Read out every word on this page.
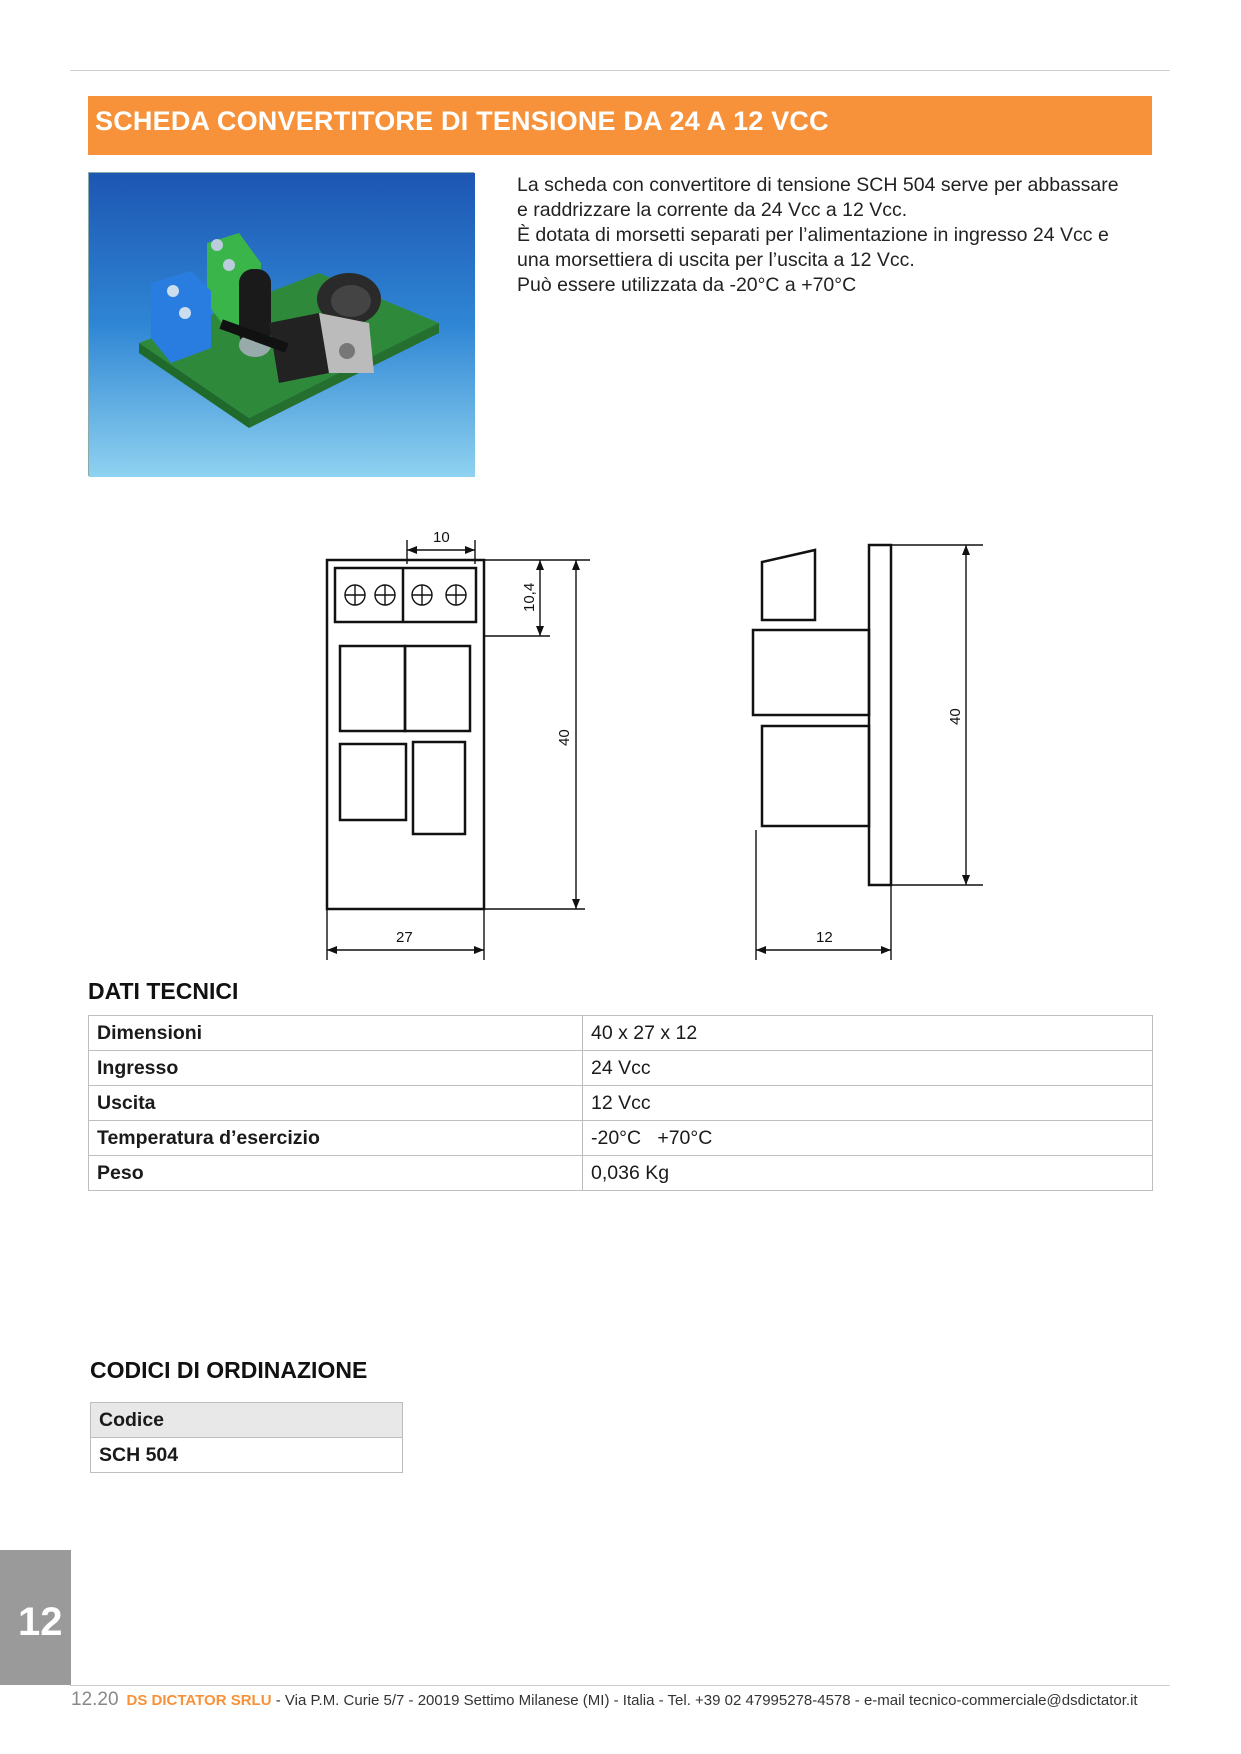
SCHEDA CONVERTITORE DI TENSIONE DA 24 A 12 VCC
La scheda con convertitore di tensione SCH 504 serve per abbassare
e raddrizzare la corrente da 24 Vcc a 12 Vcc.
È dotata di morsetti separati per l’alimentazione in ingresso 24 Vcc e
una morsettiera di uscita per l’uscita a 12 Vcc.
Può essere utilizzata da -20°C a +70°C
10
10,4
40
27
40
12
DATI TECNICI
Dimensioni	40 x 27 x 12
Ingresso	24 Vcc
Uscita	12 Vcc
Temperatura d’esercizio	-20°C   +70°C
Peso	0,036 Kg
CODICI DI ORDINAZIONE
Codice
SCH 504
12
12.20 DS DICTATOR SRLU - Via P.M. Curie 5/7 - 20019 Settimo Milanese (MI) - Italia - Tel. +39 02 47995278-4578 - e-mail tecnico-commerciale@dsdictator.it
